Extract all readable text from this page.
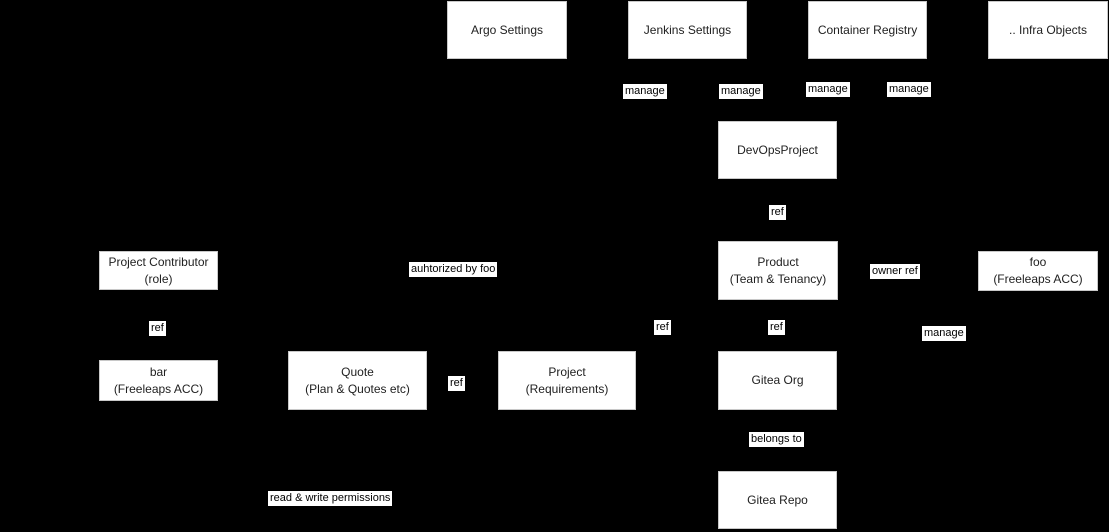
Argo Settings	Jenkins Settings	Container Registry	.. Infra Objects
DevOpsProject
Product
(Team & Tenancy)
foo
(Freeleaps ACC)
Project Contributor
(role)
bar
(Freeleaps ACC)
Quote
(Plan & Quotes etc)
Project
(Requirements)
Gitea Org
Gitea Repo
manage	manage	manage	manage
ref
owner ref
auhtorized by foo
ref	ref	ref	manage
ref
belongs to
read & write permissions
